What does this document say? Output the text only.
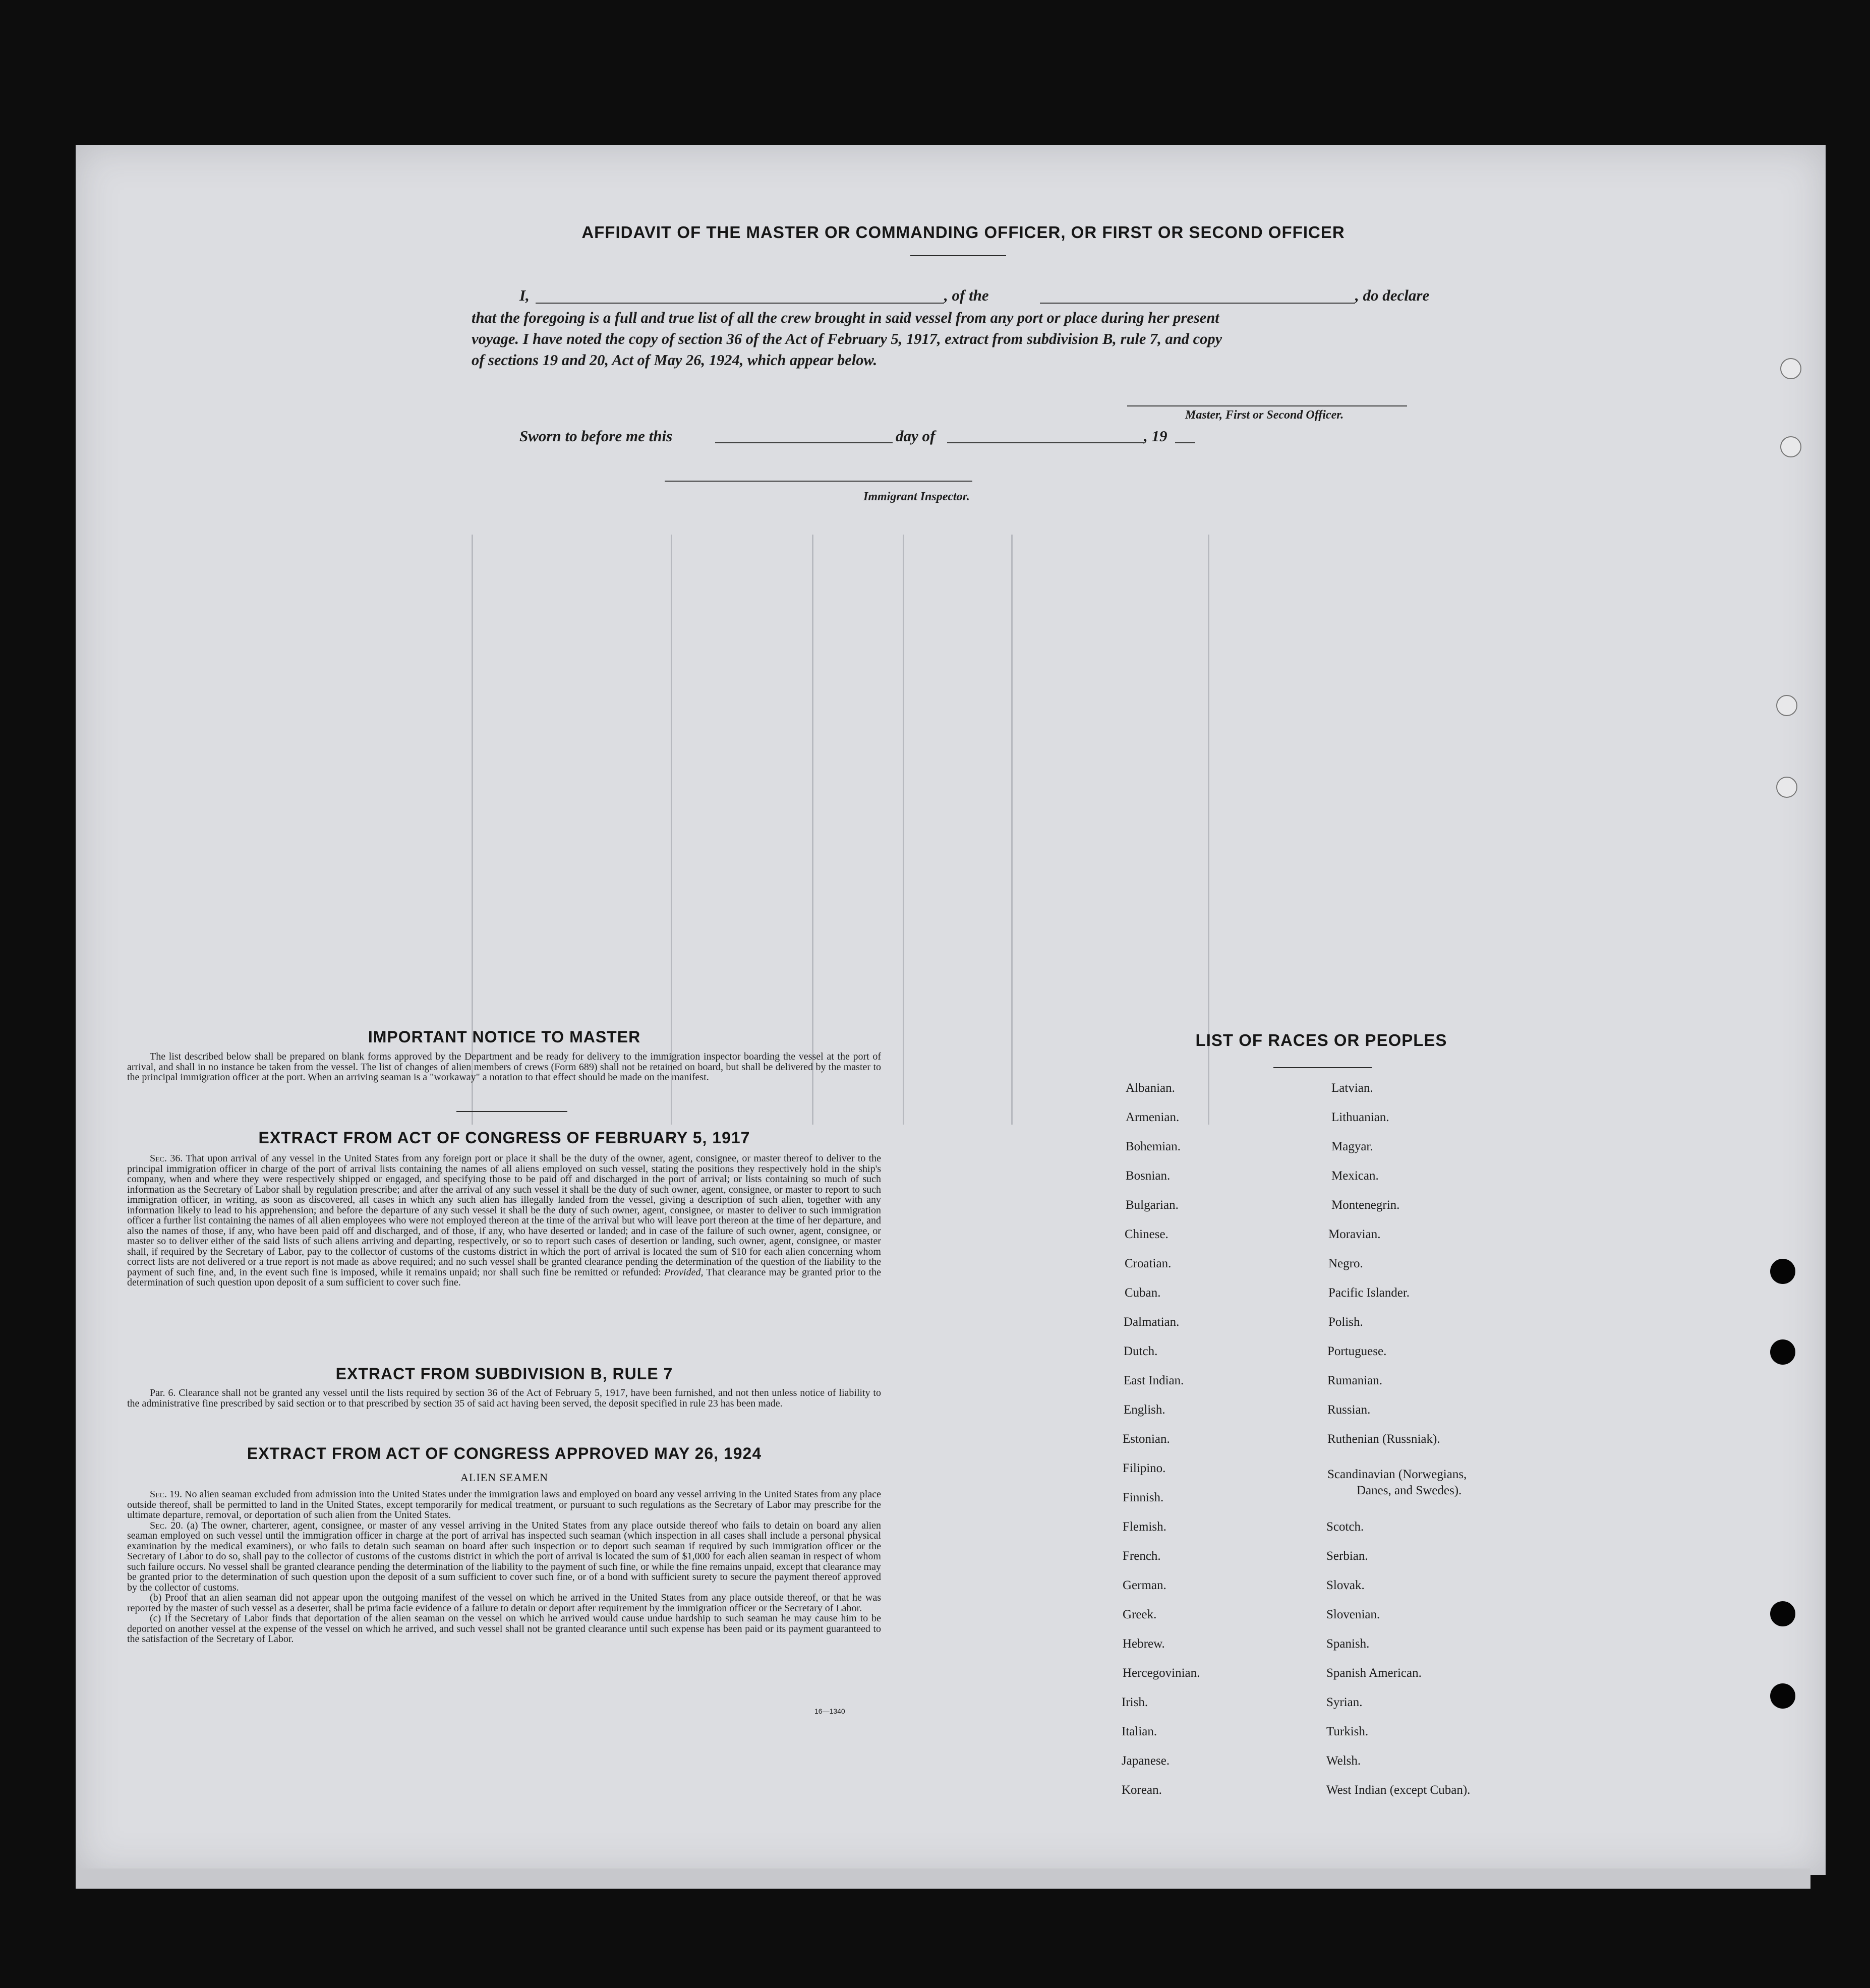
AFFIDAVIT OF THE MASTER OR COMMANDING OFFICER, OR FIRST OR SECOND OFFICER
I,	, of the	, do declare
that the foregoing is a full and true list of all the crew brought in said vessel from any port or place during her present
voyage. I have noted the copy of section 36 of the Act of February 5, 1917, extract from subdivision B, rule 7, and copy
of sections 19 and 20, Act of May 26, 1924, which appear below.
Master, First or Second Officer.
Sworn to before me this	day of	, 19
Immigrant Inspector.
IMPORTANT NOTICE TO MASTER

The list described below shall be prepared on blank forms approved by the Department and be ready for delivery to the immigration inspector boarding the vessel at the port of arrival, and shall in no instance be taken from the vessel. The list of changes of alien members of crews (Form 689) shall not be retained on board, but shall be delivered by the master to the principal immigration officer at the port. When an arriving seaman is a "workaway" a notation to that effect should be made on the manifest.

EXTRACT FROM ACT OF CONGRESS OF FEBRUARY 5, 1917

Sec. 36. That upon arrival of any vessel in the United States from any foreign port or place it shall be the duty of the owner, agent, consignee, or master thereof to deliver to the principal immigration officer in charge of the port of arrival lists containing the names of all aliens employed on such vessel, stating the positions they respectively hold in the ship's company, when and where they were respectively shipped or engaged, and specifying those to be paid off and discharged in the port of arrival; or lists containing so much of such information as the Secretary of Labor shall by regulation prescribe; and after the arrival of any such vessel it shall be the duty of such owner, agent, consignee, or master to report to such immigration officer, in writing, as soon as discovered, all cases in which any such alien has illegally landed from the vessel, giving a description of such alien, together with any information likely to lead to his apprehension; and before the departure of any such vessel it shall be the duty of such owner, agent, consignee, or master to deliver to such immigration officer a further list containing the names of all alien employees who were not employed thereon at the time of the arrival but who will leave port thereon at the time of her departure, and also the names of those, if any, who have been paid off and discharged, and of those, if any, who have deserted or landed; and in case of the failure of such owner, agent, consignee, or master so to deliver either of the said lists of such aliens arriving and departing, respectively, or so to report such cases of desertion or landing, such owner, agent, consignee, or master shall, if required by the Secretary of Labor, pay to the collector of customs of the customs district in which the port of arrival is located the sum of $10 for each alien concerning whom correct lists are not delivered or a true report is not made as above required; and no such vessel shall be granted clearance pending the determination of the question of the liability to the payment of such fine, and, in the event such fine is imposed, while it remains unpaid; nor shall such fine be remitted or refunded: Provided, That clearance may be granted prior to the determination of such question upon deposit of a sum sufficient to cover such fine.

EXTRACT FROM SUBDIVISION B, RULE 7

Par. 6. Clearance shall not be granted any vessel until the lists required by section 36 of the Act of February 5, 1917, have been furnished, and not then unless notice of liability to the administrative fine prescribed by said section or to that prescribed by section 35 of said act having been served, the deposit specified in rule 23 has been made.

EXTRACT FROM ACT OF CONGRESS APPROVED MAY 26, 1924
ALIEN SEAMEN

Sec. 19. No alien seaman excluded from admission into the United States under the immigration laws and employed on board any vessel arriving in the United States from any place outside thereof, shall be permitted to land in the United States, except temporarily for medical treatment, or pursuant to such regulations as the Secretary of Labor may prescribe for the ultimate departure, removal, or deportation of such alien from the United States.

Sec. 20. (a) The owner, charterer, agent, consignee, or master of any vessel arriving in the United States from any place outside thereof who fails to detain on board any alien seaman employed on such vessel until the immigration officer in charge at the port of arrival has inspected such seaman (which inspection in all cases shall include a personal physical examination by the medical examiners), or who fails to detain such seaman on board after such inspection or to deport such seaman if required by such immigration officer or the Secretary of Labor to do so, shall pay to the collector of customs of the customs district in which the port of arrival is located the sum of $1,000 for each alien seaman in respect of whom such failure occurs. No vessel shall be granted clearance pending the determination of the liability to the payment of such fine, or while the fine remains unpaid, except that clearance may be granted prior to the determination of such question upon the deposit of a sum sufficient to cover such fine, or of a bond with sufficient surety to secure the payment thereof approved by the collector of customs.

(b) Proof that an alien seaman did not appear upon the outgoing manifest of the vessel on which he arrived in the United States from any place outside thereof, or that he was reported by the master of such vessel as a deserter, shall be prima facie evidence of a failure to detain or deport after requirement by the immigration officer or the Secretary of Labor.

(c) If the Secretary of Labor finds that deportation of the alien seaman on the vessel on which he arrived would cause undue hardship to such seaman he may cause him to be deported on another vessel at the expense of the vessel on which he arrived, and such vessel shall not be granted clearance until such expense has been paid or its payment guaranteed to the satisfaction of the Secretary of Labor.

16—1340
LIST OF RACES OR PEOPLES
Albanian.
Armenian.
Bohemian.
Bosnian.
Bulgarian.
Chinese.
Croatian.
Cuban.
Dalmatian.
Dutch.
East Indian.
English.
Estonian.
Filipino.
Finnish.
Flemish.
French.
German.
Greek.
Hebrew.
Hercegovinian.
Irish.
Italian.
Japanese.
Korean.
Latvian.
Lithuanian.
Magyar.
Mexican.
Montenegrin.
Moravian.
Negro.
Pacific Islander.
Polish.
Portuguese.
Rumanian.
Russian.
Ruthenian (Russniak).
Scandinavian (Norwegians,
Danes, and Swedes).
Scotch.
Serbian.
Slovak.
Slovenian.
Spanish.
Spanish American.
Syrian.
Turkish.
Welsh.
West Indian (except Cuban).
